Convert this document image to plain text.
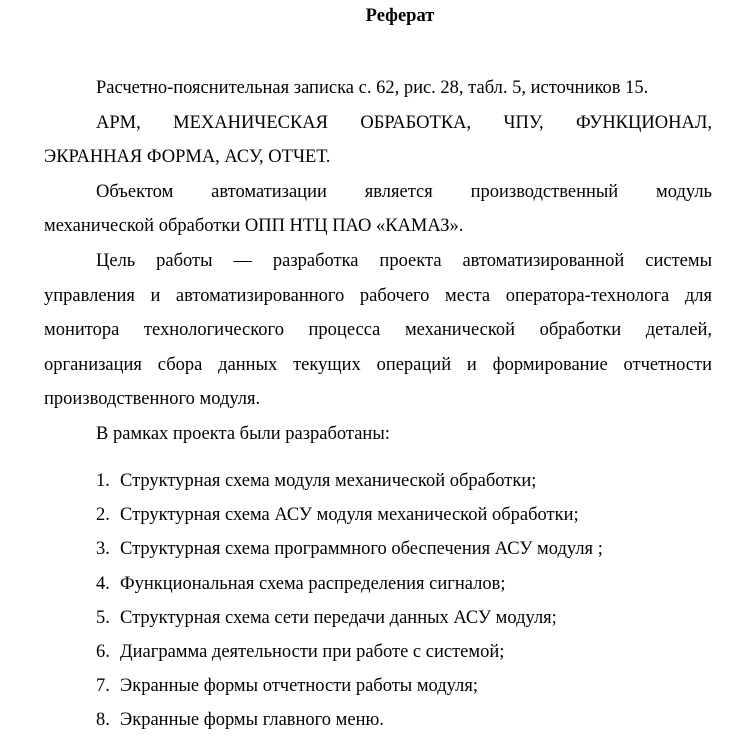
Реферат
Расчетно-пояснительная записка с. 62, рис. 28, табл. 5, источников 15.
АРМ, МЕХАНИЧЕСКАЯ ОБРАБОТКА, ЧПУ, ФУНКЦИОНАЛ,
ЭКРАННАЯ ФОРМА, АСУ, ОТЧЕТ.
Объектом автоматизации является производственный модуль
механической обработки ОПП НТЦ ПАО «КАМАЗ».
Цель работы — разработка проекта автоматизированной системы
управления и автоматизированного рабочего места оператора-технолога для
монитора технологического процесса механической обработки деталей,
организация сбора данных текущих операций и формирование отчетности
производственного модуля.
В рамках проекта были разработаны:
1. Структурная схема модуля механической обработки;
2. Структурная схема АСУ модуля механической обработки;
3. Структурная схема программного обеспечения АСУ модуля ;
4. Функциональная схема распределения сигналов;
5. Структурная схема сети передачи данных АСУ модуля;
6. Диаграмма деятельности при работе с системой;
7. Экранные формы отчетности работы модуля;
8. Экранные формы главного меню.
